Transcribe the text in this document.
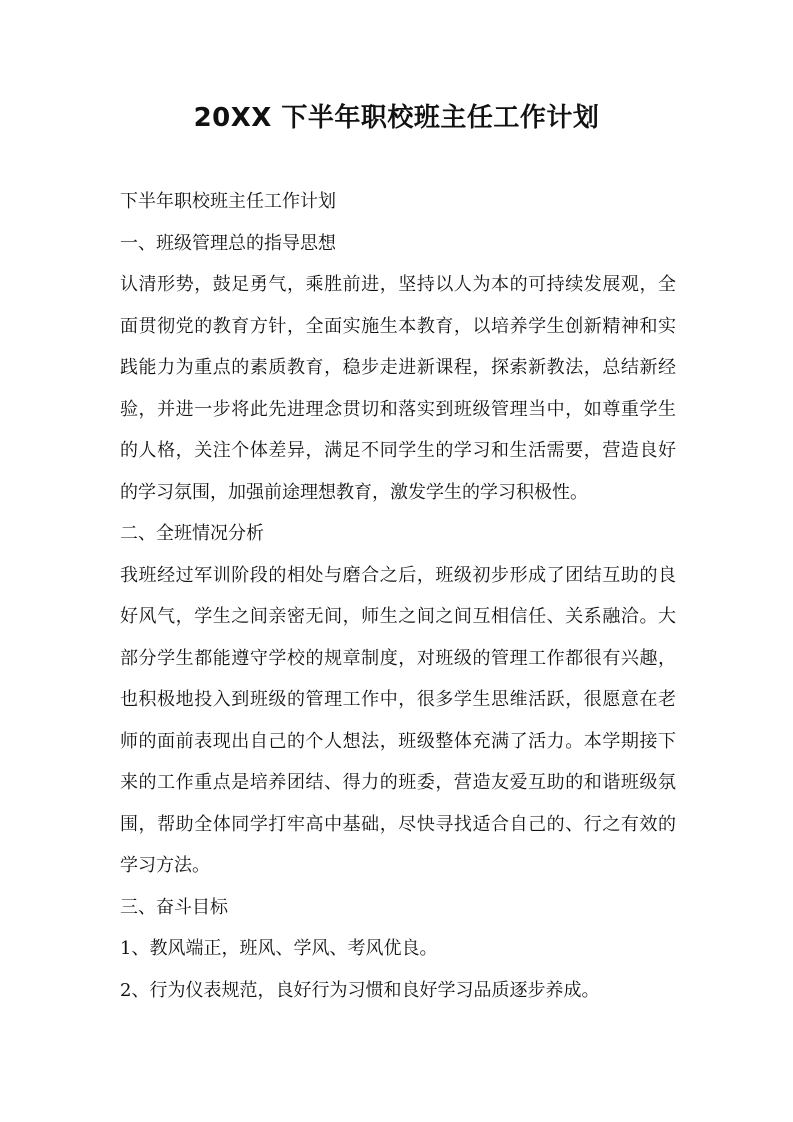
20XX 下半年职校班主任工作计划
下半年职校班主任工作计划
一、班级管理总的指导思想
认清形势，鼓足勇气，乘胜前进，坚持以人为本的可持续发展观，全
面贯彻党的教育方针，全面实施生本教育，以培养学生创新精神和实
践能力为重点的素质教育，稳步走进新课程，探索新教法，总结新经
验，并进一步将此先进理念贯切和落实到班级管理当中，如尊重学生
的人格，关注个体差异，满足不同学生的学习和生活需要，营造良好
的学习氛围，加强前途理想教育，激发学生的学习积极性。
二、全班情况分析
我班经过军训阶段的相处与磨合之后，班级初步形成了团结互助的良
好风气，学生之间亲密无间，师生之间之间互相信任、关系融洽。大
部分学生都能遵守学校的规章制度，对班级的管理工作都很有兴趣，
也积极地投入到班级的管理工作中，很多学生思维活跃，很愿意在老
师的面前表现出自己的个人想法，班级整体充满了活力。本学期接下
来的工作重点是培养团结、得力的班委，营造友爱互助的和谐班级氛
围，帮助全体同学打牢高中基础，尽快寻找适合自己的、行之有效的
学习方法。
三、奋斗目标
1、教风端正，班风、学风、考风优良。
2、行为仪表规范，良好行为习惯和良好学习品质逐步养成。
